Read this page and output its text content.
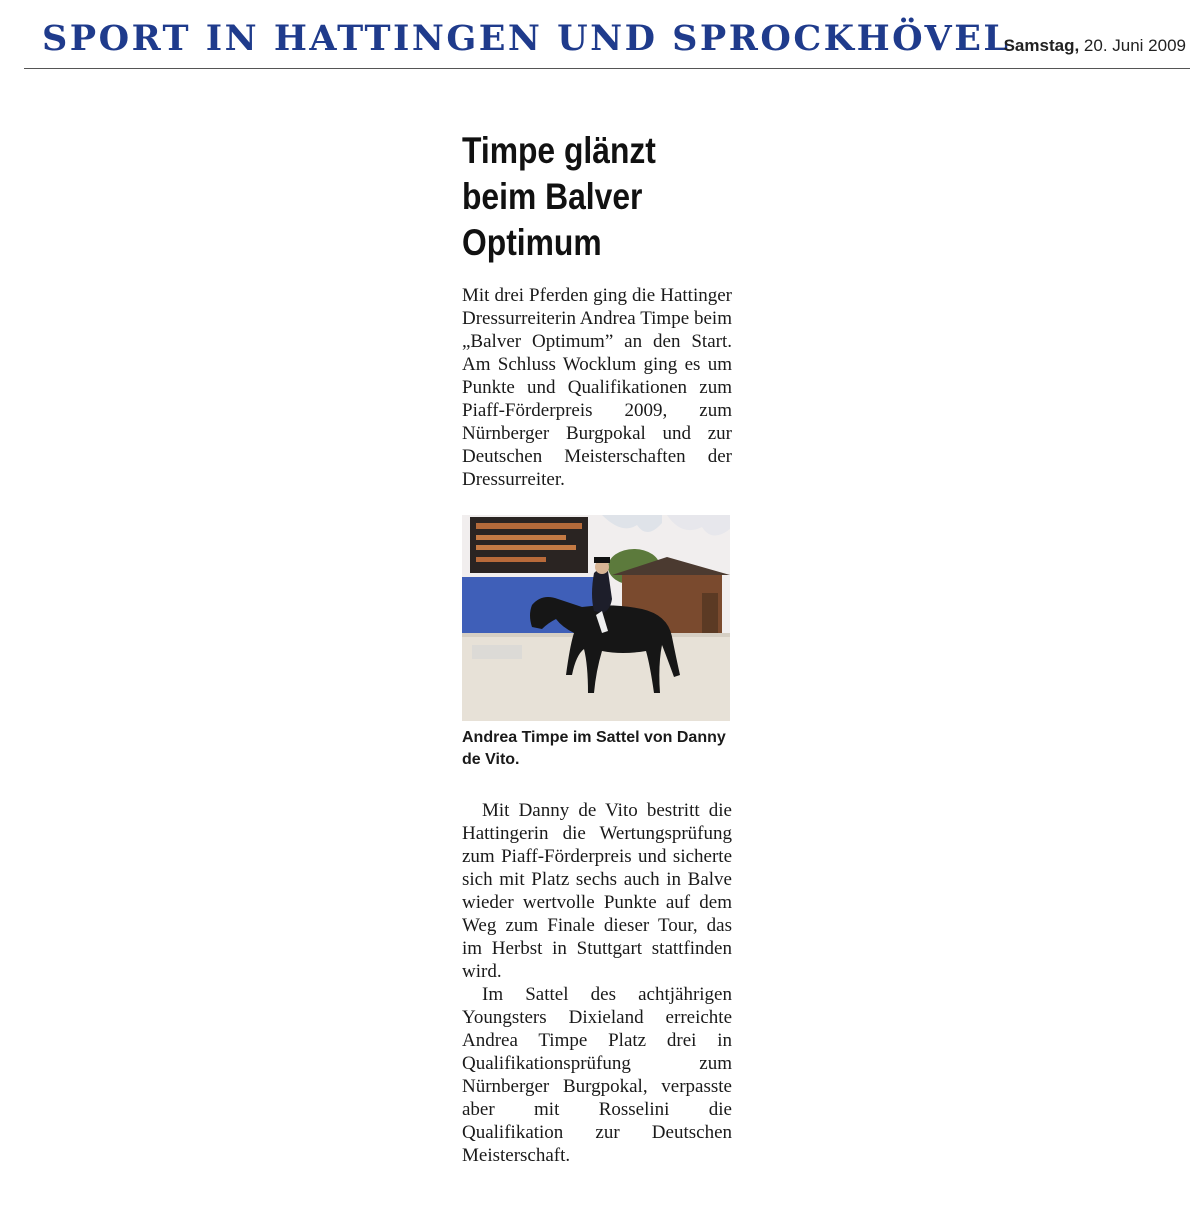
SPORT IN HATTINGEN UND SPROCKHÖVEL
Samstag, 20. Juni 2009
Timpe glänzt beim Balver Optimum

Mit drei Pferden ging die Hattinger Dressurreiterin Andrea Timpe beim „Balver Optimum” an den Start. Am Schluss Wocklum ging es um Punkte und Qualifikationen zum Piaff-Förderpreis 2009, zum Nürnberger Burgpokal und zur Deutschen Meisterschaften der Dressurreiter.

Andrea Timpe im Sattel von Danny de Vito.

Mit Danny de Vito bestritt die Hattingerin die Wertungsprüfung zum Piaff-Förderpreis und sicherte sich mit Platz sechs auch in Balve wieder wertvolle Punkte auf dem Weg zum Finale dieser Tour, das im Herbst in Stuttgart stattfinden wird.

Im Sattel des achtjährigen Youngsters Dixieland erreichte Andrea Timpe Platz drei in Qualifikationsprüfung zum Nürnberger Burgpokal, verpasste aber mit Rosselini die Qualifikation zur Deutschen Meisterschaft.
